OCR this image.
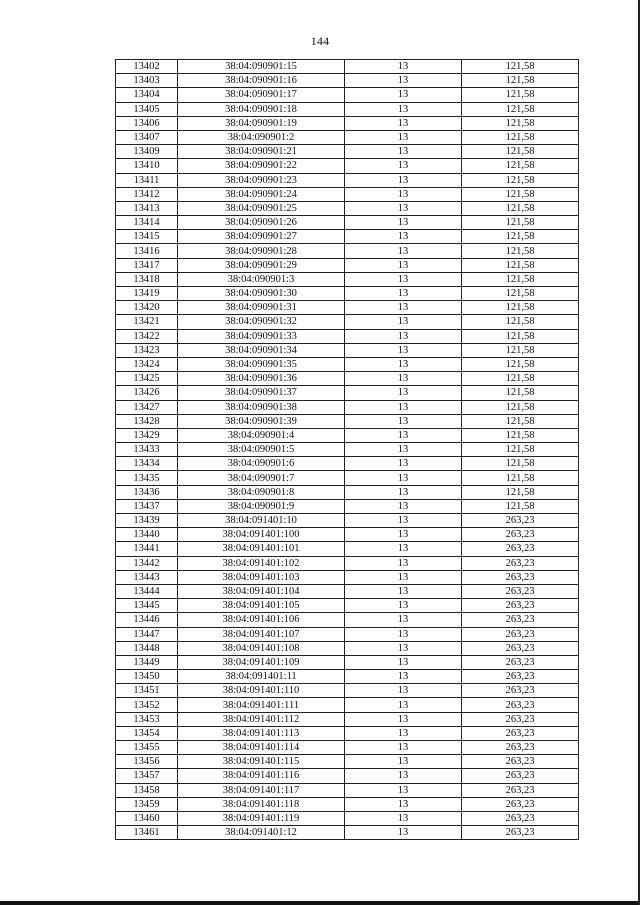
144
13402	38:04:090901:15	13	121,58
13403	38:04:090901:16	13	121,58
13404	38:04:090901:17	13	121,58
13405	38:04:090901:18	13	121,58
13406	38:04:090901:19	13	121,58
13407	38:04:090901:2	13	121,58
13409	38:04:090901:21	13	121,58
13410	38:04:090901:22	13	121,58
13411	38:04:090901:23	13	121,58
13412	38:04:090901:24	13	121,58
13413	38:04:090901:25	13	121,58
13414	38:04:090901:26	13	121,58
13415	38:04:090901:27	13	121,58
13416	38:04:090901:28	13	121,58
13417	38:04:090901:29	13	121,58
13418	38:04:090901:3	13	121,58
13419	38:04:090901:30	13	121,58
13420	38:04:090901:31	13	121,58
13421	38:04:090901:32	13	121,58
13422	38:04:090901:33	13	121,58
13423	38:04:090901:34	13	121,58
13424	38:04:090901:35	13	121,58
13425	38:04:090901:36	13	121,58
13426	38:04:090901:37	13	121,58
13427	38:04:090901:38	13	121,58
13428	38:04:090901:39	13	121,58
13429	38:04:090901:4	13	121,58
13433	38:04:090901:5	13	121,58
13434	38:04:090901:6	13	121,58
13435	38:04:090901:7	13	121,58
13436	38:04:090901:8	13	121,58
13437	38:04:090901:9	13	121,58
13439	38:04:091401:10	13	263,23
13440	38:04:091401:100	13	263,23
13441	38:04:091401:101	13	263,23
13442	38:04:091401:102	13	263,23
13443	38:04:091401:103	13	263,23
13444	38:04:091401:104	13	263,23
13445	38:04:091401:105	13	263,23
13446	38:04:091401:106	13	263,23
13447	38:04:091401:107	13	263,23
13448	38:04:091401:108	13	263,23
13449	38:04:091401:109	13	263,23
13450	38:04:091401:11	13	263,23
13451	38:04:091401:110	13	263,23
13452	38:04:091401:111	13	263,23
13453	38:04:091401:112	13	263,23
13454	38:04:091401:113	13	263,23
13455	38:04:091401:114	13	263,23
13456	38:04:091401:115	13	263,23
13457	38:04:091401:116	13	263,23
13458	38:04:091401:117	13	263,23
13459	38:04:091401:118	13	263,23
13460	38:04:091401:119	13	263,23
13461	38:04:091401:12	13	263,23
